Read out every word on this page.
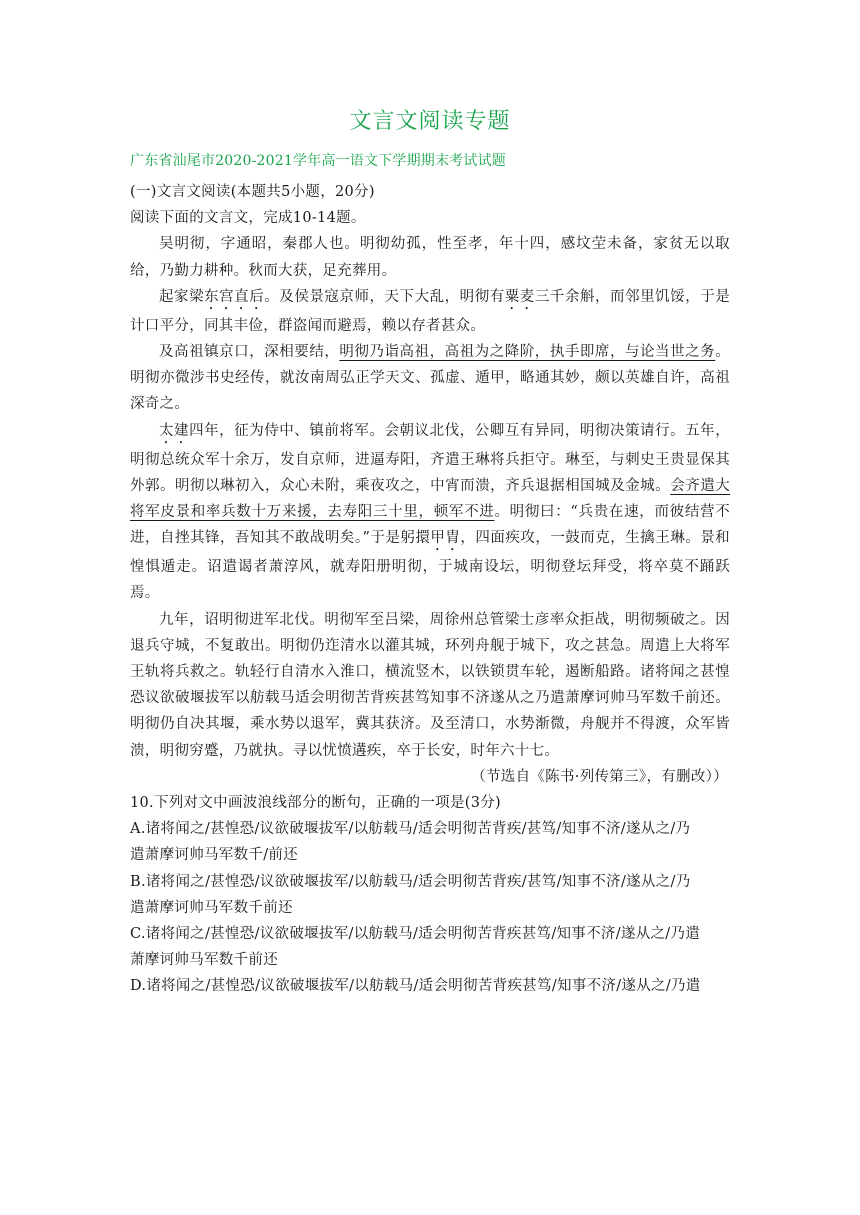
文言文阅读专题
广东省汕尾市2020-2021学年高一语文下学期期末考试试题

(一)文言文阅读(本题共5小题，20分)

阅读下面的文言文，完成10-14题。

吴明彻，字通昭，秦郡人也。明彻幼孤，性至孝，年十四，感坟茔未备，家贫无以取给，乃勤力耕种。秋而大获，足充葬用。

起家梁东宫直后。及侯景寇京师，天下大乱，明彻有粟麦三千余斛，而邻里饥馁，于是计口平分，同其丰俭，群盗闻而避焉，赖以存者甚众。

及高祖镇京口，深相要结，明彻乃诣高祖，高祖为之降阶，执手即席，与论当世之务。明彻亦微涉书史经传，就汝南周弘正学天文、孤虚、遁甲，略通其妙，颇以英雄自许，高祖深奇之。

太建四年，征为侍中、镇前将军。会朝议北伐，公卿互有异同，明彻决策请行。五年，明彻总统众军十余万，发自京师，进逼寿阳，齐遣王琳将兵拒守。琳至，与刺史王贵显保其外郭。明彻以琳初入，众心未附，乘夜攻之，中宵而溃，齐兵退据相国城及金城。会齐遣大将军皮景和率兵数十万来援，去寿阳三十里，顿军不进。明彻曰：“兵贵在速，而彼结营不进，自挫其锋，吾知其不敢战明矣。”于是躬擐甲胄，四面疾攻，一鼓而克，生擒王琳。景和惶惧遁走。诏遣谒者萧淳风，就寿阳册明彻，于城南设坛，明彻登坛拜受，将卒莫不踊跃焉。

九年，诏明彻进军北伐。明彻军至吕梁，周徐州总管梁士彦率众拒战，明彻频破之。因退兵守城，不复敢出。明彻仍迮清水以灌其城，环列舟舰于城下，攻之甚急。周遣上大将军王轨将兵救之。轨轻行自清水入淮口，横流竖木，以铁锁贯车轮，遏断船路。诸将闻之甚惶恐议欲破堰拔军以舫载马适会明彻苦背疾甚笃知事不济遂从之乃遣萧摩诃帅马军数千前还。明彻仍自决其堰，乘水势以退军，冀其获济。及至清口，水势渐微，舟舰并不得渡，众军皆溃，明彻穷蹙，乃就执。寻以忧愤遘疾，卒于长安，时年六十七。

（节选自《陈书·列传第三》，有删改））

10.下列对文中画波浪线部分的断句，正确的一项是(3分)

A.诸将闻之/甚惶恐/议欲破堰拔军/以舫载马/适会明彻苦背疾/甚笃/知事不济/遂从之/乃
遣萧摩诃帅马军数千/前还
B.诸将闻之/甚惶恐/议欲破堰拔军/以舫载马/适会明彻苦背疾/甚笃/知事不济/遂从之/乃
遣萧摩诃帅马军数千前还
C.诸将闻之/甚惶恐/议欲破堰拔军/以舫载马/适会明彻苦背疾甚笃/知事不济/遂从之/乃遣
萧摩诃帅马军数千前还
D.诸将闻之/甚惶恐/议欲破堰拔军/以舫载马/适会明彻苦背疾甚笃/知事不济/遂从之/乃遣
